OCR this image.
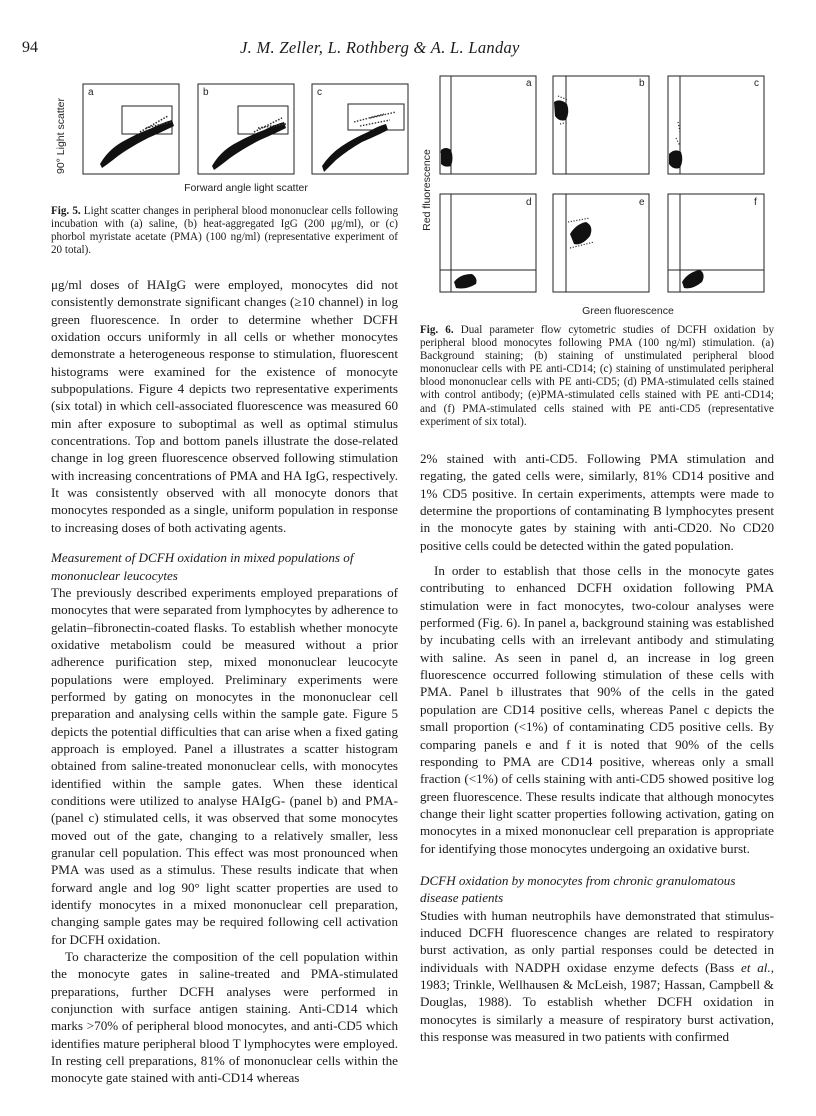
94	J. M. Zeller, L. Rothberg & A. L. Landay
90° Light scatter
a	b	c
Forward angle light scatter
Fig. 5. Light scatter changes in peripheral blood mononuclear cells following incubation with (a) saline, (b) heat-aggregated IgG (200 μg/ml), or (c) phorbol myristate acetate (PMA) (100 ng/ml) (representative experiment of 20 total).
Red fluorescence
a	b	c
d	e	f
Green fluorescence
Fig. 6. Dual parameter flow cytometric studies of DCFH oxidation by peripheral blood monocytes following PMA (100 ng/ml) stimulation. (a) Background staining; (b) staining of unstimulated peripheral blood mononuclear cells with PE anti-CD14; (c) staining of unstimulated peripheral blood mononuclear cells with PE anti-CD5; (d) PMA-stimulated cells stained with control antibody; (e)PMA-stimulated cells stained with PE anti-CD14; and (f) PMA-stimulated cells stained with PE anti-CD5 (representative experiment of six total).

μg/ml doses of HAIgG were employed, monocytes did not consistently demonstrate significant changes (≥10 channel) in log green fluorescence. In order to determine whether DCFH oxidation occurs uniformly in all cells or whether monocytes demonstrate a heterogeneous response to stimulation, fluorescent histograms were examined for the existence of monocyte subpopulations. Figure 4 depicts two representative experiments (six total) in which cell-associated fluorescence was measured 60 min after exposure to suboptimal as well as optimal stimulus concentrations. Top and bottom panels illustrate the dose-related change in log green fluorescence observed following stimulation with increasing concentrations of PMA and HA IgG, respectively. It was consistently observed with all monocyte donors that monocytes responded as a single, uniform population in response to increasing doses of both activating agents.

Measurement of DCFH oxidation in mixed populations of mononuclear leucocytes

The previously described experiments employed preparations of monocytes that were separated from lymphocytes by adherence to gelatin–fibronectin-coated flasks. To establish whether monocyte oxidative metabolism could be measured without a prior adherence purification step, mixed mononuclear leucocyte populations were employed. Preliminary experiments were performed by gating on monocytes in the mononuclear cell preparation and analysing cells within the sample gate. Figure 5 depicts the potential difficulties that can arise when a fixed gating approach is employed. Panel a illustrates a scatter histogram obtained from saline-treated mononuclear cells, with monocytes identified within the sample gates. When these identical conditions were utilized to analyse HAIgG- (panel b) and PMA- (panel c) stimulated cells, it was observed that some monocytes moved out of the gate, changing to a relatively smaller, less granular cell population. This effect was most pronounced when PMA was used as a stimulus. These results indicate that when forward angle and log 90° light scatter properties are used to identify monocytes in a mixed mononuclear cell preparation, changing sample gates may be required following cell activation for DCFH oxidation.

To characterize the composition of the cell population within the monocyte gates in saline-treated and PMA-stimulated preparations, further DCFH analyses were performed in conjunction with surface antigen staining. Anti-CD14 which marks >70% of peripheral blood monocytes, and anti-CD5 which identifies mature peripheral blood T lymphocytes were employed. In resting cell preparations, 81% of mononuclear cells within the monocyte gate stained with anti-CD14 whereas

2% stained with anti-CD5. Following PMA stimulation and regating, the gated cells were, similarly, 81% CD14 positive and 1% CD5 positive. In certain experiments, attempts were made to determine the proportions of contaminating B lymphocytes present in the monocyte gates by staining with anti-CD20. No CD20 positive cells could be detected within the gated population.

In order to establish that those cells in the monocyte gates contributing to enhanced DCFH oxidation following PMA stimulation were in fact monocytes, two-colour analyses were performed (Fig. 6). In panel a, background staining was established by incubating cells with an irrelevant antibody and stimulating with saline. As seen in panel d, an increase in log green fluorescence occurred following stimulation of these cells with PMA. Panel b illustrates that 90% of the cells in the gated population are CD14 positive cells, whereas Panel c depicts the small proportion (<1%) of contaminating CD5 positive cells. By comparing panels e and f it is noted that 90% of the cells responding to PMA are CD14 positive, whereas only a small fraction (<1%) of cells staining with anti-CD5 showed positive log green fluorescence. These results indicate that although monocytes change their light scatter properties following activation, gating on monocytes in a mixed mononuclear cell preparation is appropriate for identifying those monocytes undergoing an oxidative burst.

DCFH oxidation by monocytes from chronic granulomatous disease patients

Studies with human neutrophils have demonstrated that stimulus-induced DCFH fluorescence changes are related to respiratory burst activation, as only partial responses could be detected in individuals with NADPH oxidase enzyme defects (Bass et al., 1983; Trinkle, Wellhausen & McLeish, 1987; Hassan, Campbell & Douglas, 1988). To establish whether DCFH oxidation in monocytes is similarly a measure of respiratory burst activation, this response was measured in two patients with confirmed
